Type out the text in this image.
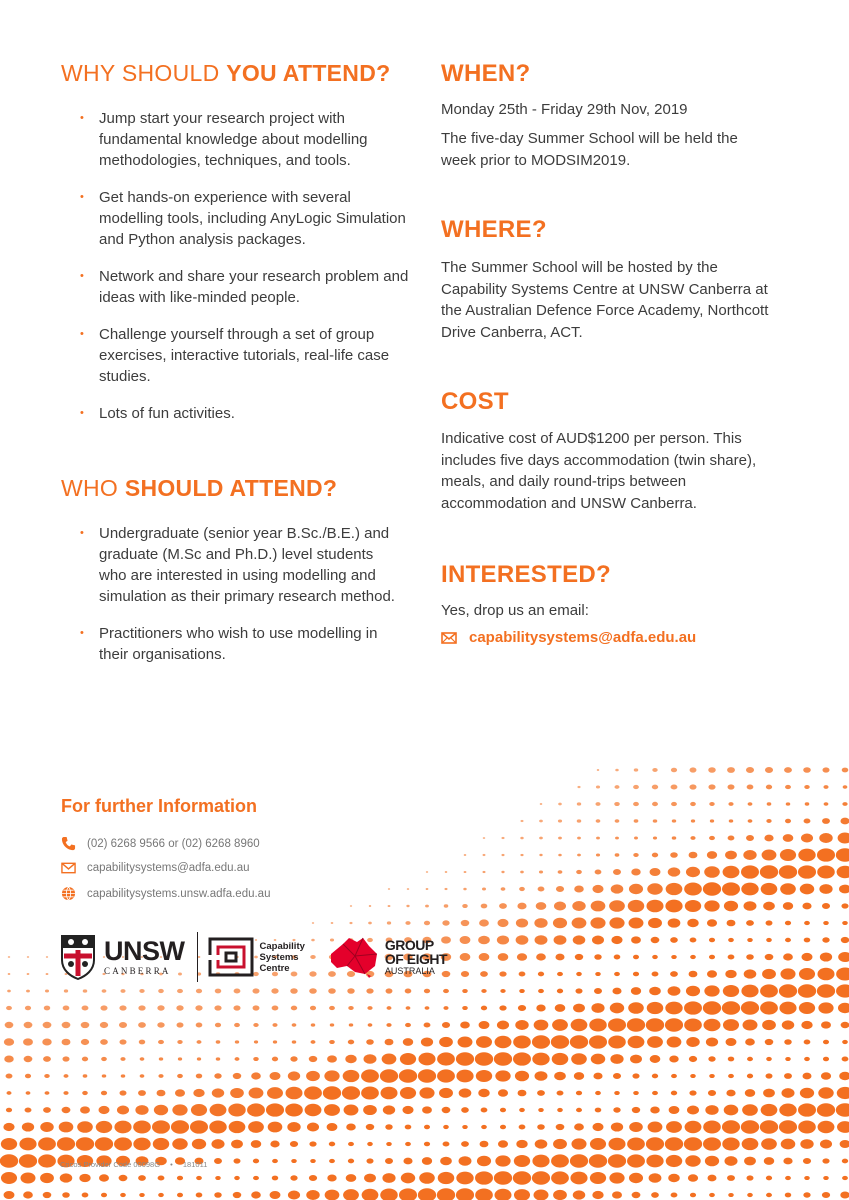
WHY SHOULD YOU ATTEND?
• Jump start your research project with fundamental knowledge about modelling methodologies, techniques, and tools.
• Get hands-on experience with several modelling tools, including AnyLogic Simulation and Python analysis packages.
• Network and share your research problem and ideas with like-minded people.
• Challenge yourself through a set of group exercises, interactive tutorials, real-life case studies.
• Lots of fun activities.
WHO SHOULD ATTEND?
• Undergraduate (senior year B.Sc./B.E.) and graduate (M.Sc and Ph.D.) level students who are interested in using modelling and simulation as their primary research method.
• Practitioners who wish to use modelling in their organisations.
WHEN?

Monday 25th - Friday 29th Nov, 2019

The five-day Summer School will be held the week prior to MODSIM2019.

WHERE?

The Summer School will be hosted by the Capability Systems Centre at UNSW Canberra at the Australian Defence Force Academy, Northcott Drive Canberra, ACT.

COST

Indicative cost of AUD$1200 per person. This includes five days accommodation (twin share), meals, and daily round-trips between accommodation and UNSW Canberra.

INTERESTED?

Yes, drop us an email:

capabilitysystems@adfa.edu.au
For further Information
(02) 6268 9566 or (02) 6268 8960
capabilitysystems@adfa.edu.au
capabilitysystems.unsw.adfa.edu.au
UNSW
CANBERRA
Capability
Systems
Centre
GROUP
OF EIGHT
AUSTRALIA
Cricos Provider Code 00098G • 181011
